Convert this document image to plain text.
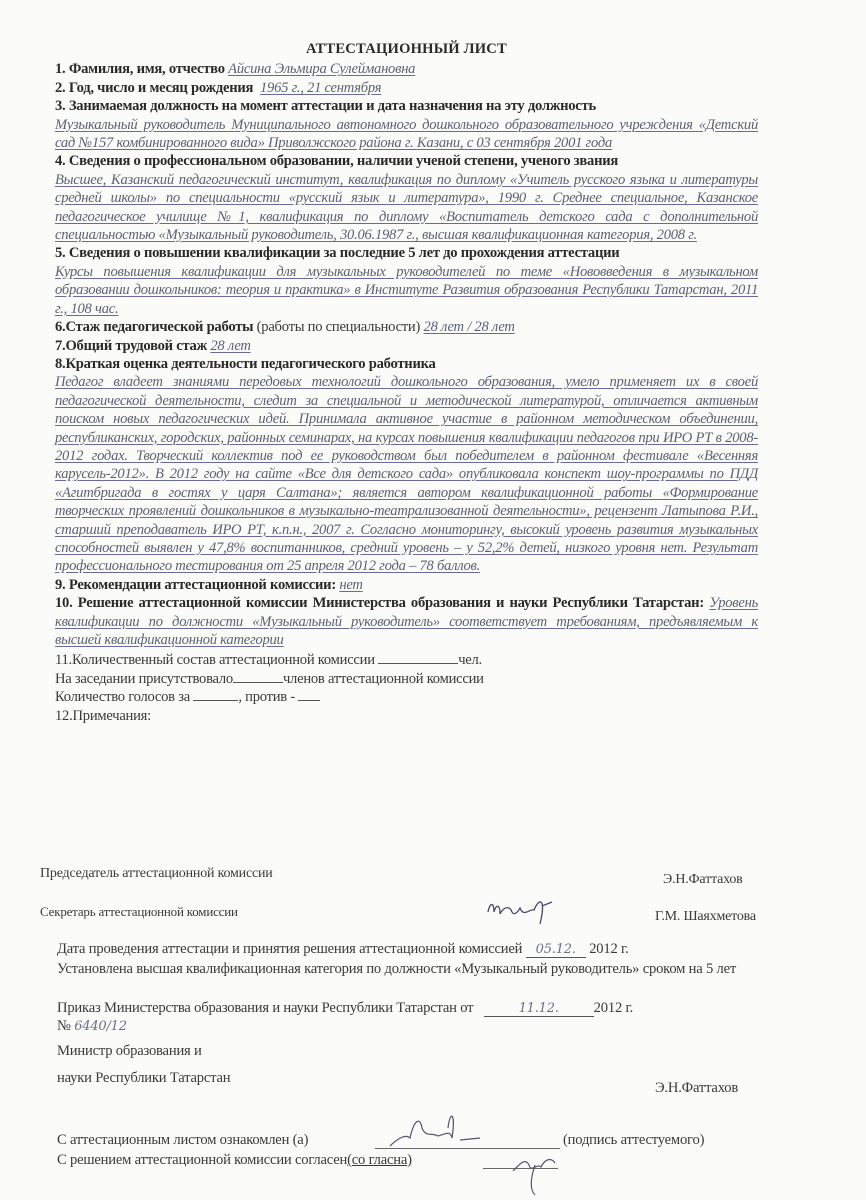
АТТЕСТАЦИОННЫЙ ЛИСТ
1. Фамилия, имя, отчество Айсина Эльмира Сулеймановна
2. Год, число и месяц рождения 1965 г., 21 сентября
3. Занимаемая должность на момент аттестации и дата назначения на эту должность
Музыкальный руководитель Муниципального автономного дошкольного образовательного учреждения «Детский сад №157 комбинированного вида» Приволжского района г. Казани, с 03 сентября 2001 года
4. Сведения о профессиональном образовании, наличии ученой степени, ученого звания
Высшее, Казанский педагогический институт, квалификация по диплому «Учитель русского языка и литературы средней школы» по специальности «русский язык и литература», 1990 г. Среднее специальное, Казанское педагогическое училище №1, квалификация по диплому «Воспитатель детского сада с дополнительной специальностью «Музыкальный руководитель, 30.06.1987 г., высшая квалификационная категория, 2008 г.
5. Сведения о повышении квалификации за последние 5 лет до прохождения аттестации
Курсы повышения квалификации для музыкальных руководителей по теме «Нововведения в музыкальном образовании дошкольников: теория и практика» в Институте Развития образования Республики Татарстан, 2011 г., 108 час.
6.Стаж педагогической работы (работы по специальности) 28 лет / 28 лет
7.Общий трудовой стаж 28 лет
8.Краткая оценка деятельности педагогического работника
Педагог владеет знаниями передовых технологий дошкольного образования, умело применяет их в своей педагогической деятельности, следит за специальной и методической литературой, отличается активным поиском новых педагогических идей. Принимала активное участие в районном методическом объединении, республиканских, городских, районных семинарах, на курсах повышения квалификации педагогов при ИРО РТ в 2008-2012 годах. Творческий коллектив под ее руководством был победителем в районном фестивале «Весенняя карусель-2012». В 2012 году на сайте «Все для детского сада» опубликовала конспект шоу-программы по ПДД «Агитбригада в гостях у царя Салтана»; является автором квалификационной работы «Формирование творческих проявлений дошкольников в музыкально-театрализованной деятельности», рецензент Латыпова Р.И., старший преподаватель ИРО РТ, к.п.н., 2007 г. Согласно мониторингу, высокий уровень развития музыкальных способностей выявлен у 47,8% воспитанников, средний уровень – у 52,2% детей, низкого уровня нет. Результат профессионального тестирования от 25 апреля 2012 года – 78 баллов.
9. Рекомендации аттестационной комиссии: нет
10. Решение аттестационной комиссии Министерства образования и науки Республики Татарстан: Уровень квалификации по должности «Музыкальный руководитель» соответствует требованиям, предъявляемым к высшей квалификационной категории
11.Количественный состав аттестационной комиссии	чел.
На заседании присутствовало	членов аттестационной комиссии
Количество голосов за	, против -
12.Примечания:
Председатель аттестационной комиссии	Э.Н.Фаттахов
Секретарь аттестационной комиссии	Г.М. Шаяхметова
Дата проведения аттестации и принятия решения аттестационной комиссией 05.12. 2012 г.
Установлена высшая квалификационная категория по должности «Музыкальный руководитель» сроком на 5 лет
Приказ Министерства образования и науки Республики Татарстан от	11.12. 2012 г.
№ 6440/12
Министр образования и
науки Республики Татарстан
Э.Н.Фаттахов
С аттестационным листом ознакомлен (а)	(подпись аттестуемого)
С решением аттестационной комиссии согласен(со гласна)
